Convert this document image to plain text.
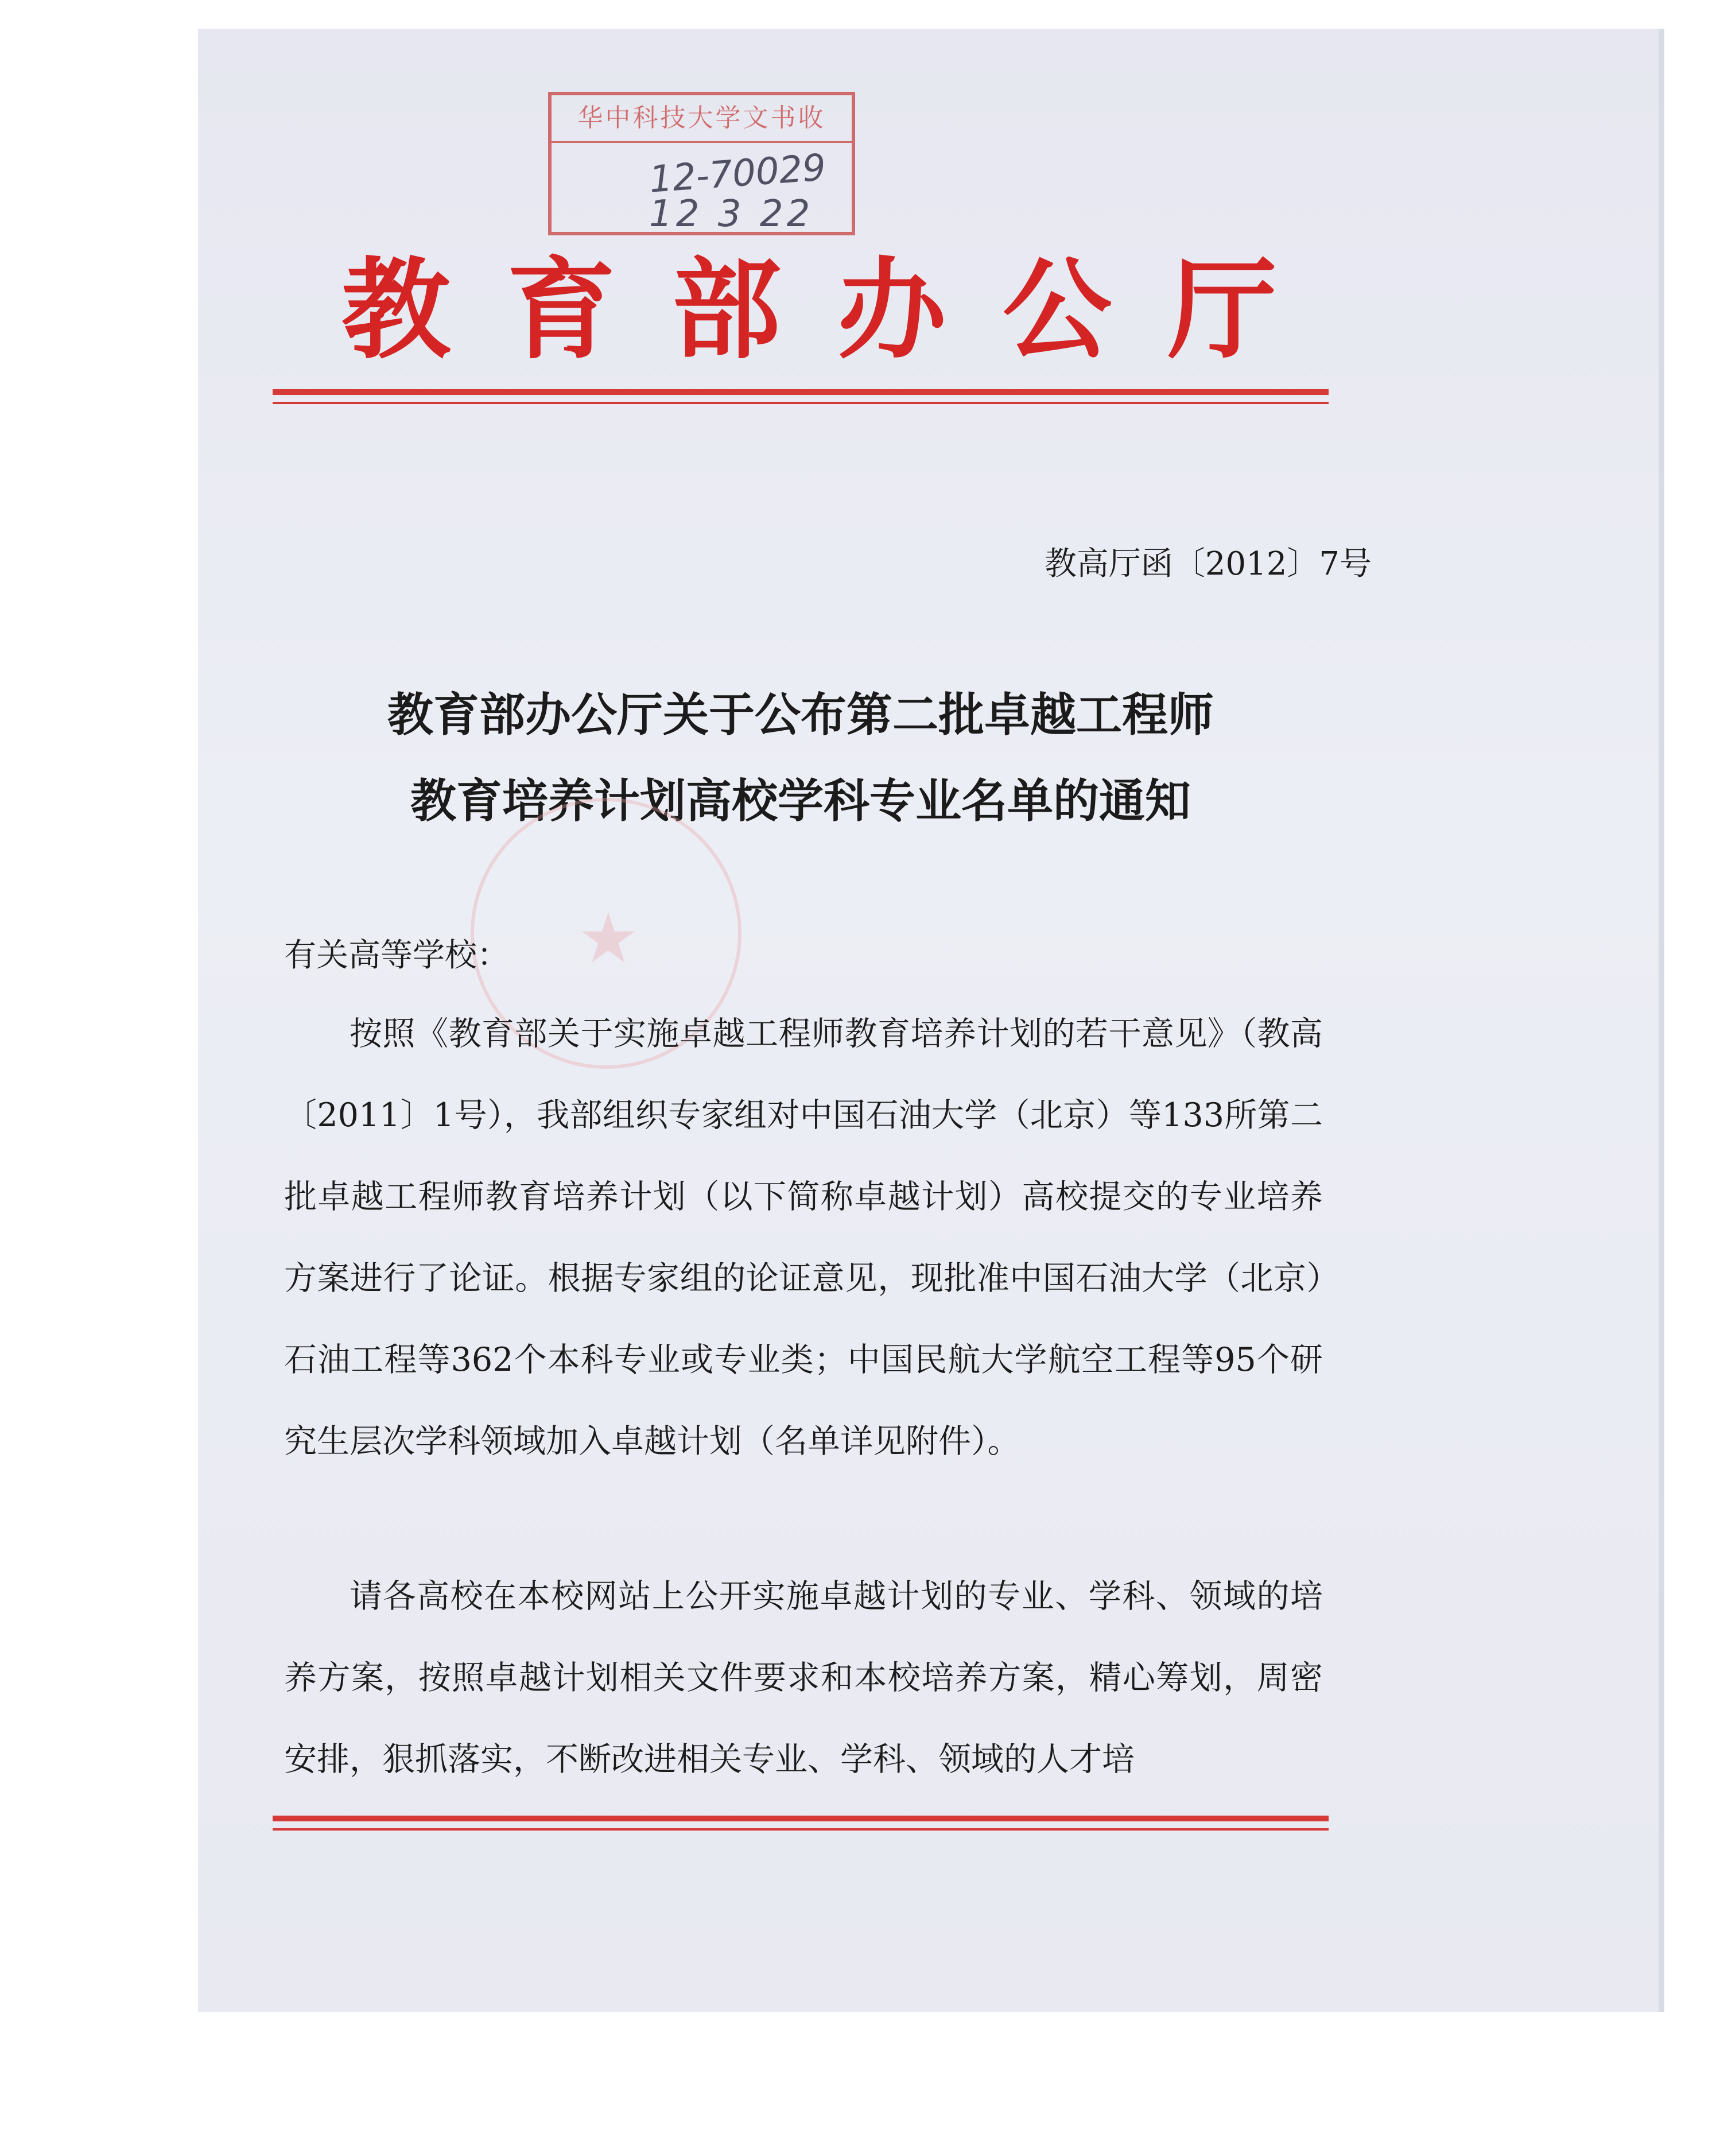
华中科技大学文书收
12-70029
12 3 22
教 育 部 办 公 厅
教高厅函〔2012〕7号
教育部办公厅关于公布第二批卓越工程师
教育培养计划高校学科专业名单的通知
★
有关高等学校：

按照《教育部关于实施卓越工程师教育培养计划的若干意见》（教高〔2011〕1号），我部组织专家组对中国石油大学（北京）等133所第二批卓越工程师教育培养计划（以下简称卓越计划）高校提交的专业培养方案进行了论证。根据专家组的论证意见，现批准中国石油大学（北京）石油工程等362个本科专业或专业类；中国民航大学航空工程等95个研究生层次学科领域加入卓越计划（名单详见附件）。

请各高校在本校网站上公开实施卓越计划的专业、学科、领域的培养方案，按照卓越计划相关文件要求和本校培养方案，精心筹划，周密安排，狠抓落实，不断改进相关专业、学科、领域的人才培
